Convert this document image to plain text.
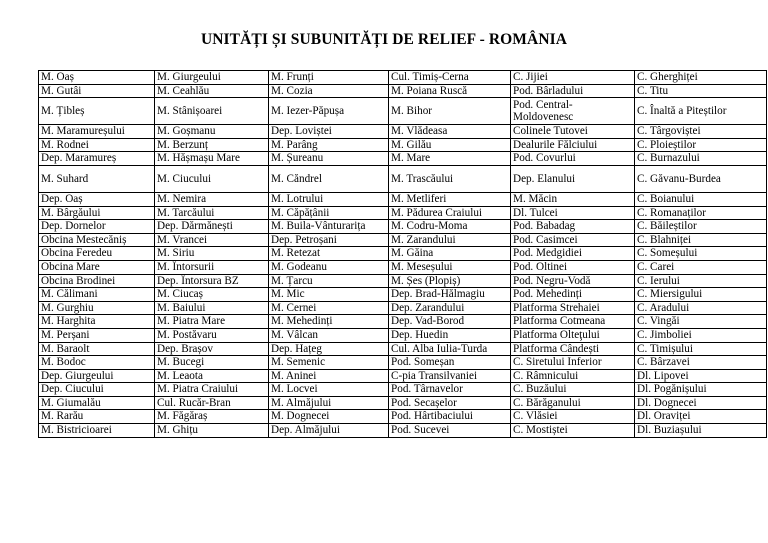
UNITĂȚI ȘI SUBUNITĂȚI DE RELIEF - ROMÂNIA
M. Oaș	M. Giurgeului	M. Frunți	Cul. Timiș-Cerna	C. Jijiei	C. Gherghiței
M. Gutâi	M. Ceahlău	M. Cozia	M. Poiana Ruscă	Pod. Bârladului	C. Titu
M. Țibleș	M. Stânișoarei	M. Iezer-Păpușa	M. Bihor	Pod. Central-Moldovenesc	C. Înaltă a Piteștilor
M. Maramureșului	M. Goșmanu	Dep. Loviștei	M. Vlădeasa	Colinele Tutovei	C. Târgoviștei
M. Rodnei	M. Berzunț	M. Parâng	M. Gilău	Dealurile Fălciului	C. Ploieștilor
Dep. Maramureș	M. Hășmașu Mare	M. Șureanu	M. Mare	Pod. Covurlui	C. Burnazului
M. Suhard	M. Ciucului	M. Căndrel	M. Trascăului	Dep. Elanului	C. Găvanu-Burdea
Dep. Oaș	M. Nemira	M. Lotrului	M. Metliferi	M. Măcin	C. Boianului
M. Bârgăului	M. Tarcăului	M. Căpățânii	M. Pădurea Craiului	Dl. Tulcei	C. Romanaților
Dep. Dornelor	Dep. Dărmănești	M. Buila-Vânturarița	M. Codru-Moma	Pod. Babadag	C. Băileștilor
Obcina Mestecăniș	M. Vrancei	Dep. Petroșani	M. Zarandului	Pod. Casimcei	C. Blahniței
Obcina Feredeu	M. Siriu	M. Retezat	M. Găina	Pod. Medgidiei	C. Someșului
Obcina Mare	M. Întorsurii	M. Godeanu	M. Meseșului	Pod. Oltinei	C. Carei
Obcina Brodinei	Dep. Întorsura BZ	M. Țarcu	M. Șes (Plopiș)	Pod. Negru-Vodă	C. Ierului
M. Călimani	M. Ciucaș	M. Mic	Dep. Brad-Hălmagiu	Pod. Mehedinți	C. Miersigului
M. Gurghiu	M. Baiului	M. Cernei	Dep. Zarandului	Platforma Strehaiei	C. Aradului
M. Harghita	M. Piatra Mare	M. Mehedinți	Dep. Vad-Borod	Platforma Cotmeana	C. Vingăi
M. Perșani	M. Postăvaru	M. Vâlcan	Dep. Huedin	Platforma Olteţului	C. Jimboliei
M. Baraolt	Dep. Brașov	Dep. Hațeg	Cul. Alba Iulia-Turda	Platforma Cândești	C. Timișului
M. Bodoc	M. Bucegi	M. Semenic	Pod. Someșan	C. Siretului Inferior	C. Bârzavei
Dep. Giurgeului	M. Leaota	M. Aninei	C-pia Transilvaniei	C. Râmnicului	Dl. Lipovei
Dep. Ciucului	M. Piatra Craiului	M. Locvei	Pod. Târnavelor	C. Buzăului	Dl. Pogănișului
M. Giumalău	Cul. Rucăr-Bran	M. Almăjului	Pod. Secașelor	C. Bărăganului	Dl. Dognecei
M. Rarău	M. Făgăraș	M. Dognecei	Pod. Hârtibaciului	C. Vlăsiei	Dl. Oraviței
M. Bistricioarei	M. Ghițu	Dep. Almăjului	Pod. Sucevei	C. Mostiștei	Dl. Buziașului
